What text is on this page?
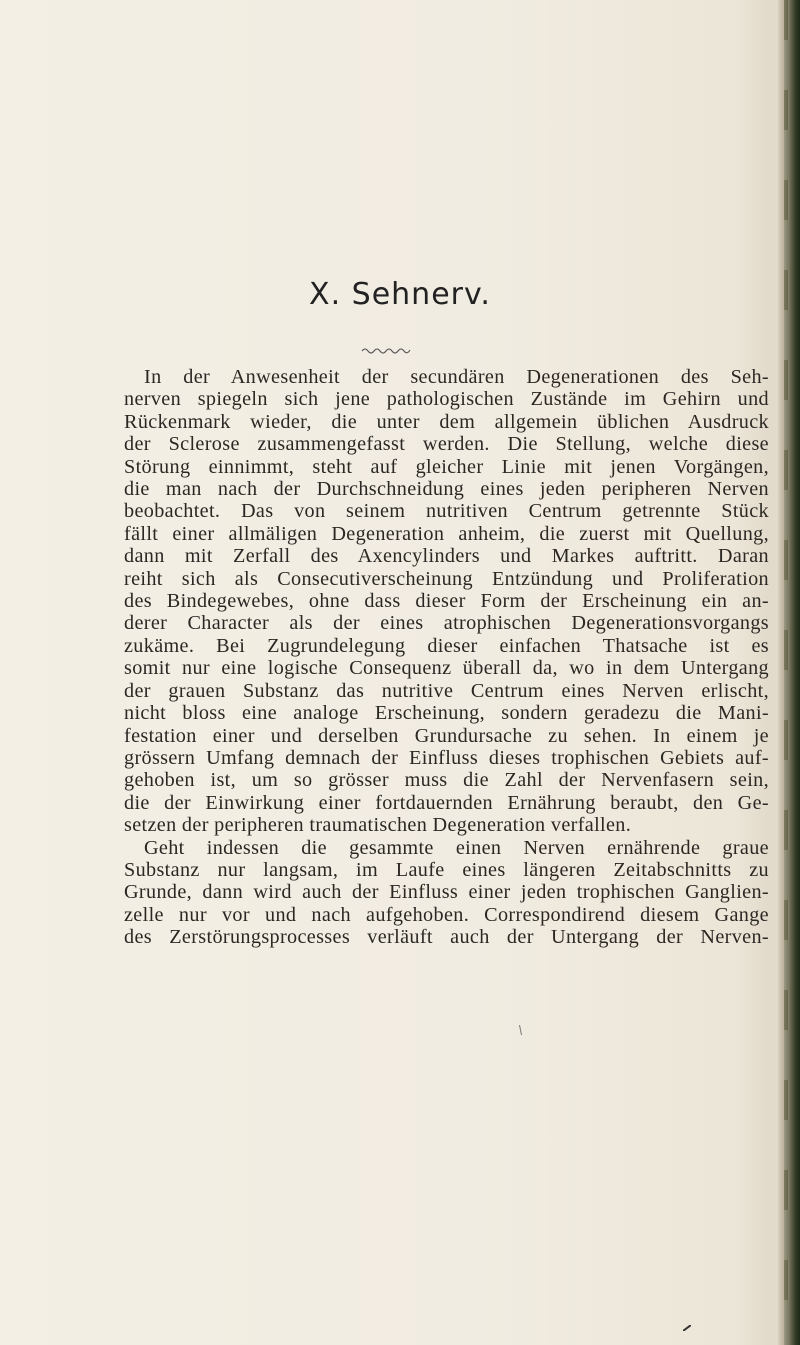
X. Sehnerv.
In der Anwesenheit der secundären Degenerationen des Seh-
nerven spiegeln sich jene pathologischen Zustände im Gehirn und
Rückenmark wieder, die unter dem allgemein üblichen Ausdruck
der Sclerose zusammengefasst werden. Die Stellung, welche diese
Störung einnimmt, steht auf gleicher Linie mit jenen Vorgängen,
die man nach der Durchschneidung eines jeden peripheren Nerven
beobachtet. Das von seinem nutritiven Centrum getrennte Stück
fällt einer allmäligen Degeneration anheim, die zuerst mit Quellung,
dann mit Zerfall des Axencylinders und Markes auftritt. Daran
reiht sich als Consecutiverscheinung Entzündung und Proliferation
des Bindegewebes, ohne dass dieser Form der Erscheinung ein an-
derer Character als der eines atrophischen Degenerationsvorgangs
zukäme. Bei Zugrundelegung dieser einfachen Thatsache ist es
somit nur eine logische Consequenz überall da, wo in dem Untergang
der grauen Substanz das nutritive Centrum eines Nerven erlischt,
nicht bloss eine analoge Erscheinung, sondern geradezu die Mani-
festation einer und derselben Grundursache zu sehen. In einem je
grössern Umfang demnach der Einfluss dieses trophischen Gebiets auf-
gehoben ist, um so grösser muss die Zahl der Nervenfasern sein,
die der Einwirkung einer fortdauernden Ernährung beraubt, den Ge-
setzen der peripheren traumatischen Degeneration verfallen.
Geht indessen die gesammte einen Nerven ernährende graue
Substanz nur langsam, im Laufe eines längeren Zeitabschnitts zu
Grunde, dann wird auch der Einfluss einer jeden trophischen Ganglien-
zelle nur vor und nach aufgehoben. Correspondirend diesem Gange
des Zerstörungsprocesses verläuft auch der Untergang der Nerven-
